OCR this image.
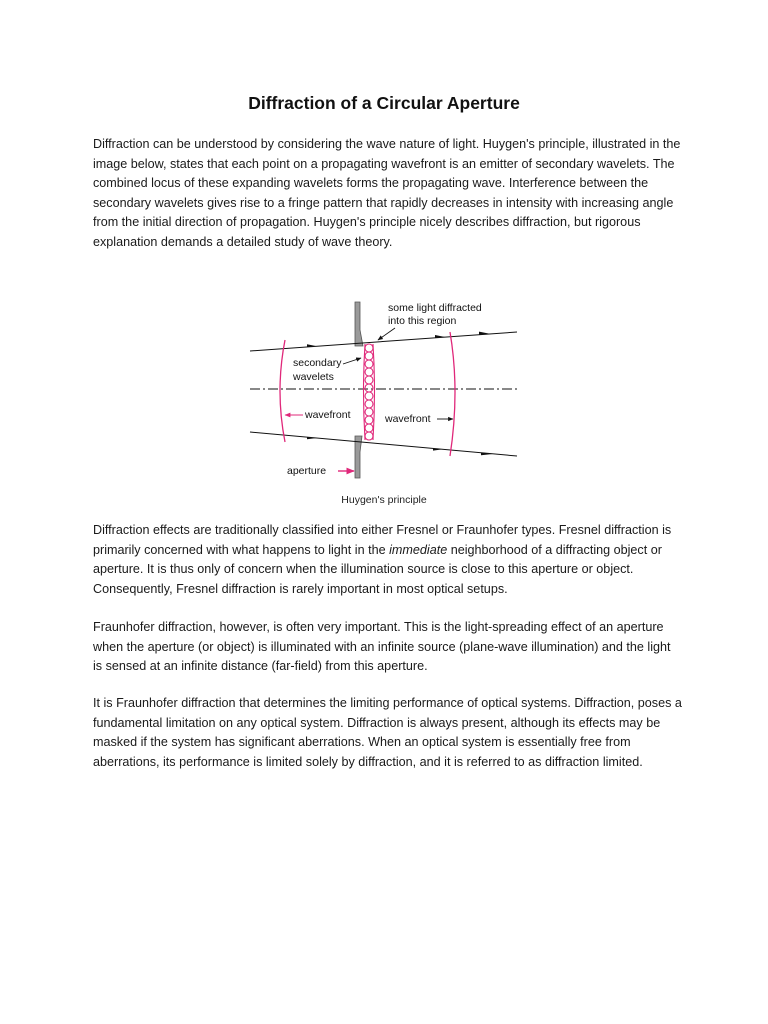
Diffraction of a Circular Aperture

Diffraction can be understood by considering the wave nature of light. Huygen's principle, illustrated in the image below, states that each point on a propagating wavefront is an emitter of secondary wavelets. The combined locus of these expanding wavelets forms the propagating wave. Interference between the secondary wavelets gives rise to a fringe pattern that rapidly decreases in intensity with increasing angle from the initial direction of propagation. Huygen's principle nicely describes diffraction, but rigorous explanation demands a detailed study of wave theory.

some light diffracted
into this region
secondary
wavelets
wavefront	wavefront
aperture

Huygen's principle

Diffraction effects are traditionally classified into either Fresnel or Fraunhofer types. Fresnel diffraction is primarily concerned with what happens to light in the immediate neighborhood of a diffracting object or aperture. It is thus only of concern when the illumination source is close to this aperture or object. Consequently, Fresnel diffraction is rarely important in most optical setups.

Fraunhofer diffraction, however, is often very important. This is the light-spreading effect of an aperture when the aperture (or object) is illuminated with an infinite source (plane-wave illumination) and the light is sensed at an infinite distance (far-field) from this aperture.

It is Fraunhofer diffraction that determines the limiting performance of optical systems. Diffraction, poses a fundamental limitation on any optical system. Diffraction is always present, although its effects may be masked if the system has significant aberrations. When an optical system is essentially free from aberrations, its performance is limited solely by diffraction, and it is referred to as diffraction limited.
